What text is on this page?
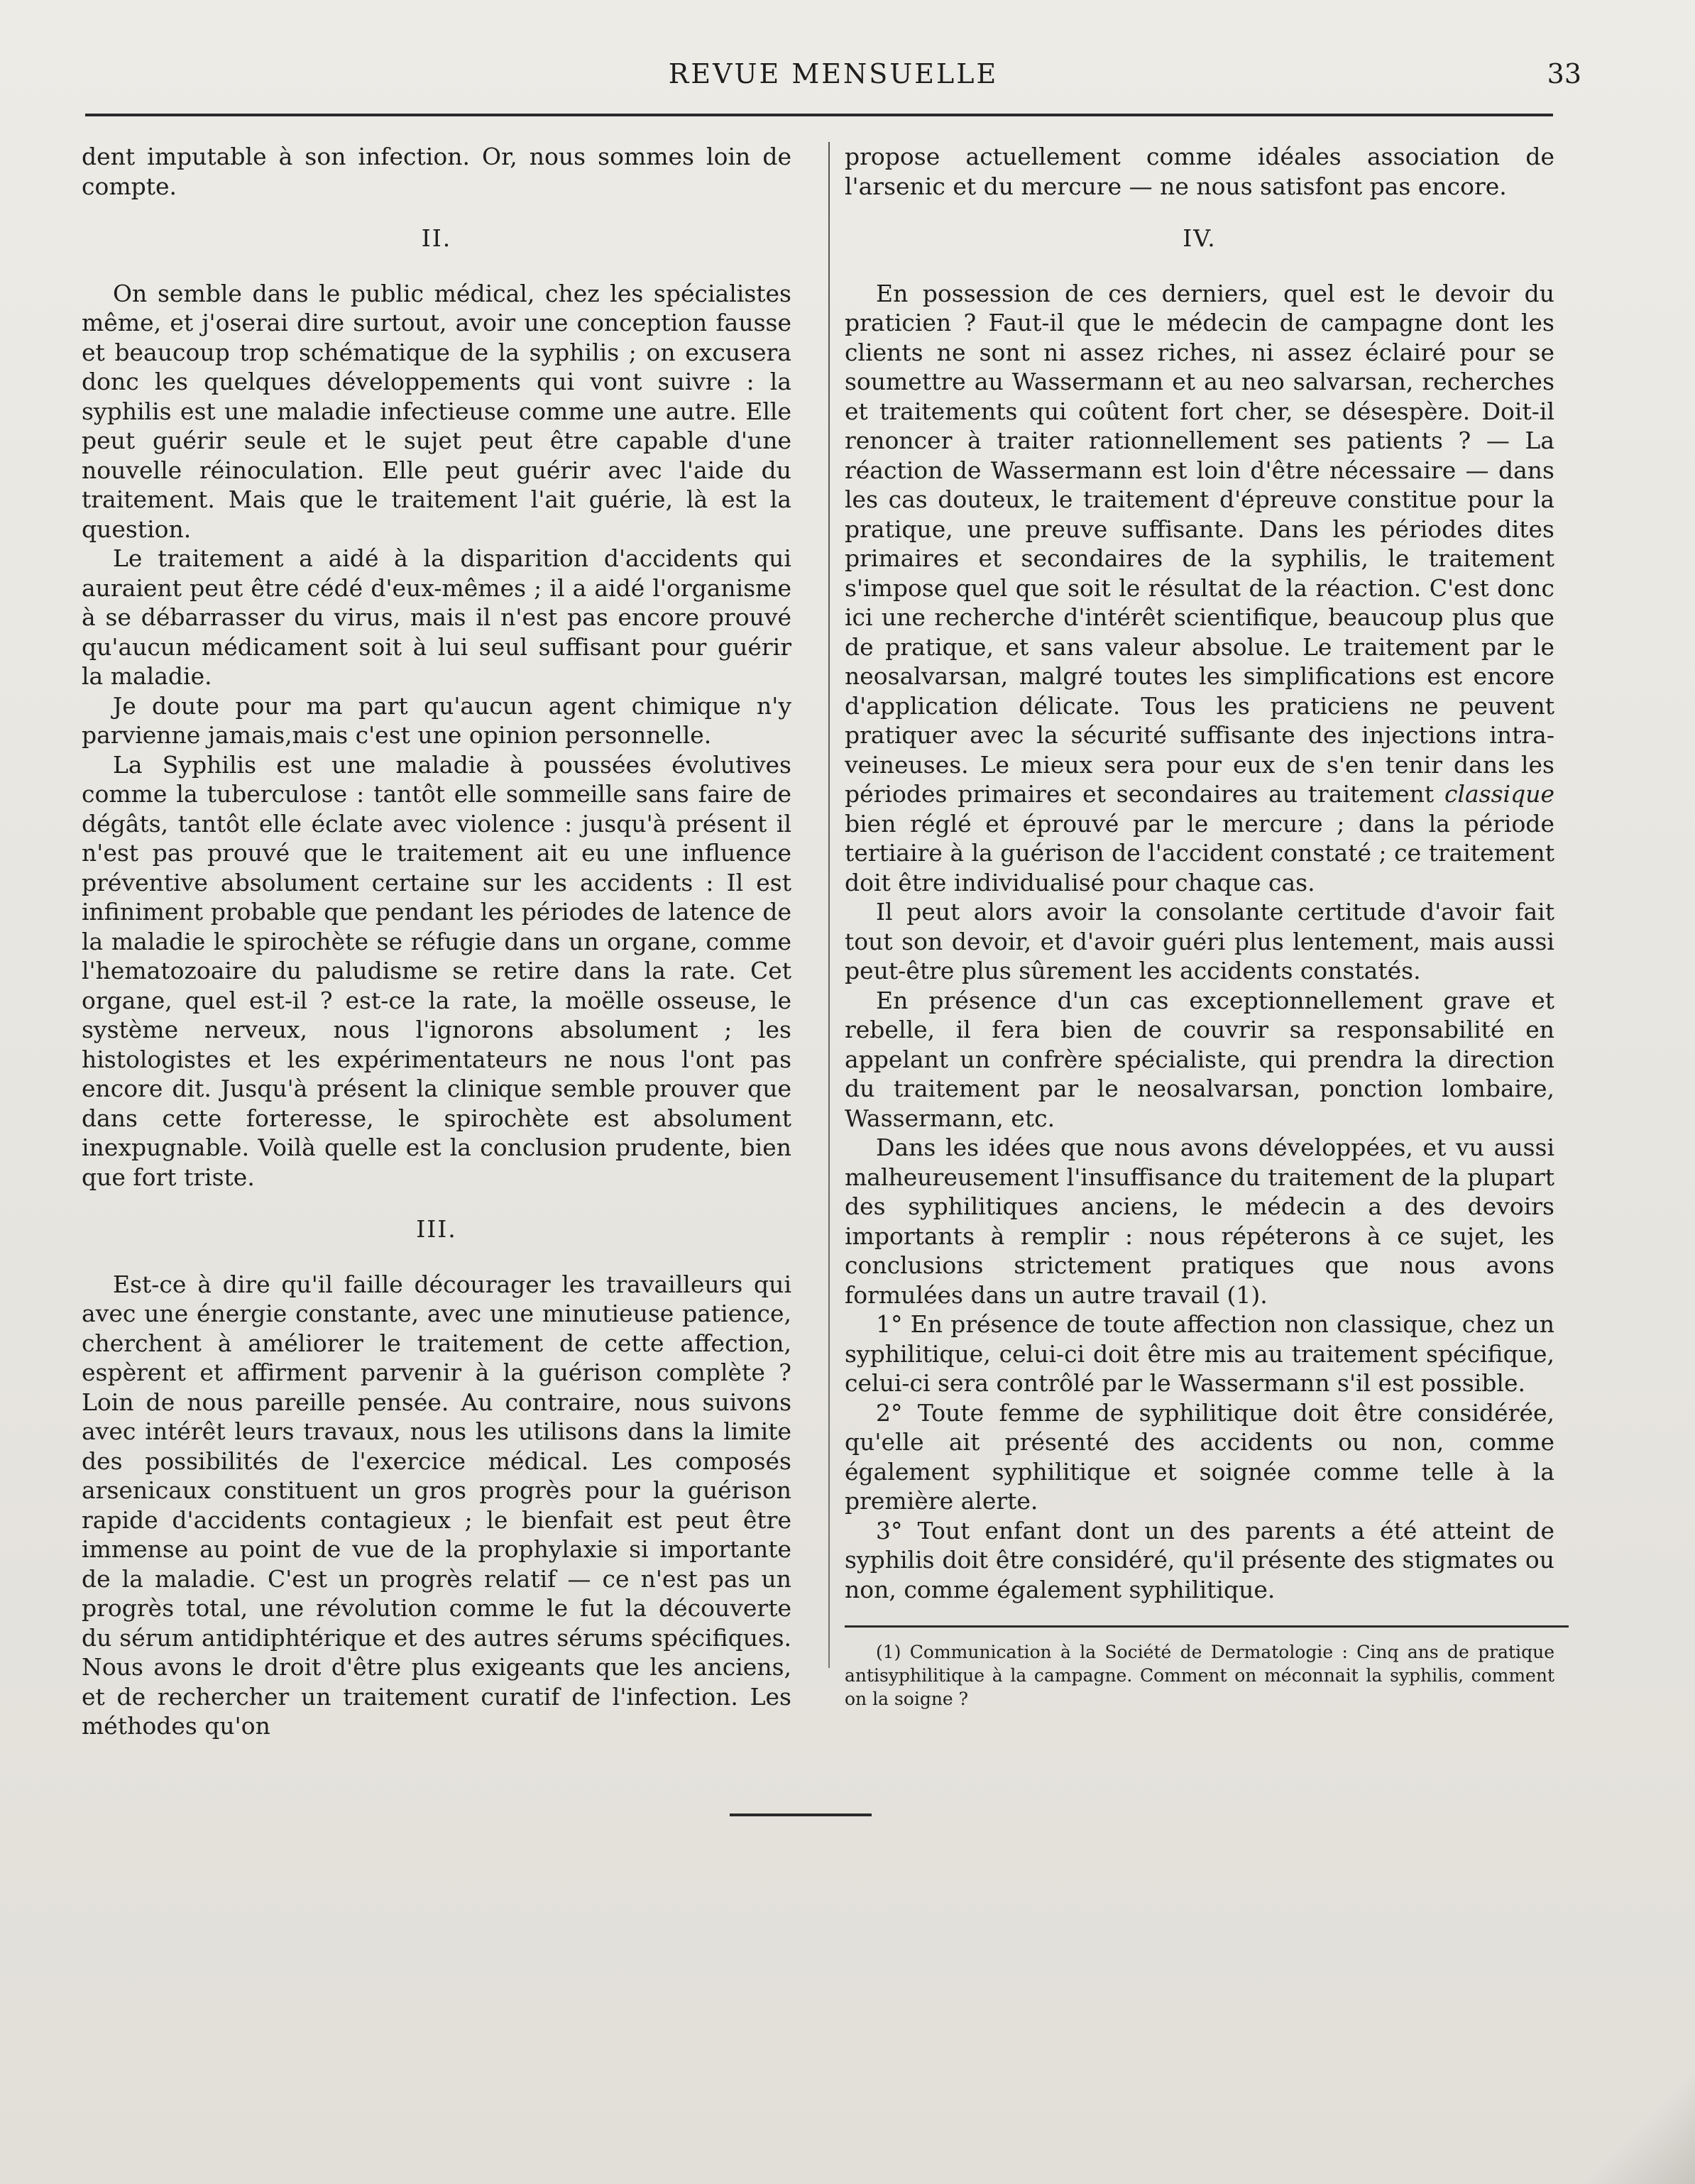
REVUE MENSUELLE	33

dent imputable à son infection. Or, nous sommes loin de compte.

II.

On semble dans le public médical, chez les spécialistes même, et j'oserai dire surtout, avoir une conception fausse et beaucoup trop schématique de la syphilis ; on excusera donc les quelques développements qui vont suivre : la syphilis est une maladie infectieuse comme une autre. Elle peut guérir seule et le sujet peut être capable d'une nouvelle réinoculation. Elle peut guérir avec l'aide du traitement. Mais que le traitement l'ait guérie, là est la question.

Le traitement a aidé à la disparition d'accidents qui auraient peut être cédé d'eux-mêmes ; il a aidé l'organisme à se débarrasser du virus, mais il n'est pas encore prouvé qu'aucun médicament soit à lui seul suffisant pour guérir la maladie.

Je doute pour ma part qu'aucun agent chimique n'y parvienne jamais,mais c'est une opinion personnelle.

La Syphilis est une maladie à poussées évolutives comme la tuberculose : tantôt elle sommeille sans faire de dégâts, tantôt elle éclate avec violence : jusqu'à présent il n'est pas prouvé que le traitement ait eu une influence préventive absolument certaine sur les accidents : Il est infiniment probable que pendant les périodes de latence de la maladie le spirochète se réfugie dans un organe, comme l'hematozoaire du paludisme se retire dans la rate. Cet organe, quel est-il ? est-ce la rate, la moëlle osseuse, le système nerveux, nous l'ignorons absolument ; les histologistes et les expérimentateurs ne nous l'ont pas encore dit. Jusqu'à présent la clinique semble prouver que dans cette forteresse, le spirochète est absolument inexpugnable. Voilà quelle est la conclusion prudente, bien que fort triste.

III.

Est-ce à dire qu'il faille décourager les travailleurs qui avec une énergie constante, avec une minutieuse patience, cherchent à améliorer le traitement de cette affection, espèrent et affirment parvenir à la guérison complète ? Loin de nous pareille pensée. Au contraire, nous suivons avec intérêt leurs travaux, nous les utilisons dans la limite des possibilités de l'exercice médical. Les composés arsenicaux constituent un gros progrès pour la guérison rapide d'accidents contagieux ; le bienfait est peut être immense au point de vue de la prophylaxie si importante de la maladie. C'est un progrès relatif — ce n'est pas un progrès total, une révolution comme le fut la découverte du sérum antidiphtérique et des autres sérums spécifiques. Nous avons le droit d'être plus exigeants que les anciens, et de rechercher un traitement curatif de l'infection. Les méthodes qu'on

propose actuellement comme idéales association de l'arsenic et du mercure — ne nous satisfont pas encore.

IV.

En possession de ces derniers, quel est le devoir du praticien ? Faut-il que le médecin de campagne dont les clients ne sont ni assez riches, ni assez éclairé pour se soumettre au Wassermann et au neo salvarsan, recherches et traitements qui coûtent fort cher, se désespère. Doit-il renoncer à traiter rationnellement ses patients ? — La réaction de Wassermann est loin d'être nécessaire — dans les cas douteux, le traitement d'épreuve constitue pour la pratique, une preuve suffisante. Dans les périodes dites primaires et secondaires de la syphilis, le traitement s'impose quel que soit le résultat de la réaction. C'est donc ici une recherche d'intérêt scientifique, beaucoup plus que de pratique, et sans valeur absolue. Le traitement par le neosalvarsan, malgré toutes les simplifications est encore d'application délicate. Tous les praticiens ne peuvent pratiquer avec la sécurité suffisante des injections intra-veineuses. Le mieux sera pour eux de s'en tenir dans les périodes primaires et secondaires au traitement classique bien réglé et éprouvé par le mercure ; dans la période tertiaire à la guérison de l'accident constaté ; ce traitement doit être individualisé pour chaque cas.

Il peut alors avoir la consolante certitude d'avoir fait tout son devoir, et d'avoir guéri plus lentement, mais aussi peut-être plus sûrement les accidents constatés.

En présence d'un cas exceptionnellement grave et rebelle, il fera bien de couvrir sa responsabilité en appelant un confrère spécialiste, qui prendra la direction du traitement par le neosalvarsan, ponction lombaire, Wassermann, etc.

Dans les idées que nous avons développées, et vu aussi malheureusement l'insuffisance du traitement de la plupart des syphilitiques anciens, le médecin a des devoirs importants à remplir : nous répéterons à ce sujet, les conclusions strictement pratiques que nous avons formulées dans un autre travail (1).

1° En présence de toute affection non classique, chez un syphilitique, celui-ci doit être mis au traitement spécifique, celui-ci sera contrôlé par le Wassermann s'il est possible.

2° Toute femme de syphilitique doit être considérée, qu'elle ait présenté des accidents ou non, comme également syphilitique et soignée comme telle à la première alerte.

3° Tout enfant dont un des parents a été atteint de syphilis doit être considéré, qu'il présente des stigmates ou non, comme également syphilitique.

(1) Communication à la Société de Dermatologie : Cinq ans de pratique antisyphilitique à la campagne. Comment on méconnait la syphilis, comment on la soigne ?
